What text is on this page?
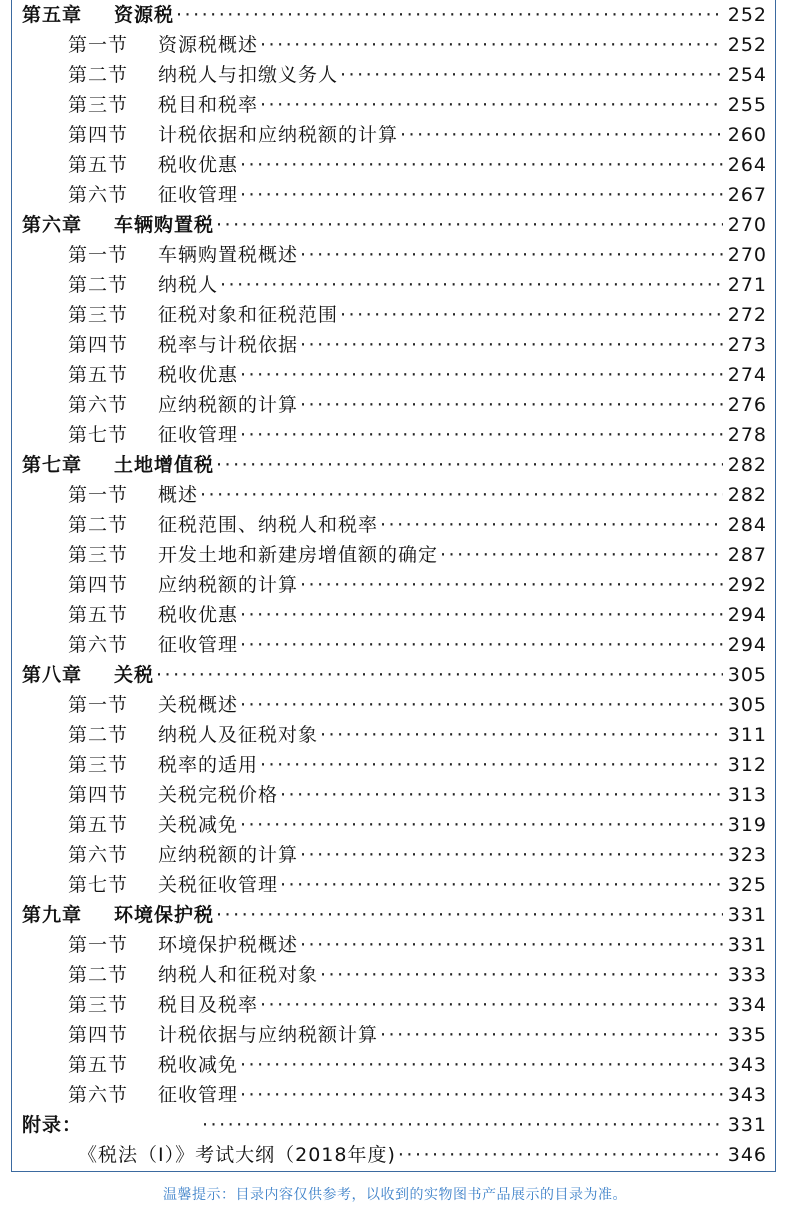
第五章	资源税 ·····	252
第一节	资源税概述 ·····	252
第二节	纳税人与扣缴义务人 ·····	254
第三节	税目和税率 ·····	255
第四节	计税依据和应纳税额的计算 ·····	260
第五节	税收优惠 ·····	264
第六节	征收管理 ·····	267
第六章	车辆购置税 ·····	270
第一节	车辆购置税概述 ·····	270
第二节	纳税人 ·····	271
第三节	征税对象和征税范围 ·····	272
第四节	税率与计税依据 ·····	273
第五节	税收优惠 ·····	274
第六节	应纳税额的计算 ·····	276
第七节	征收管理 ·····	278
第七章	土地增值税 ·····	282
第一节	概述 ·····	282
第二节	征税范围、纳税人和税率 ·····	284
第三节	开发土地和新建房增值额的确定 ·····	287
第四节	应纳税额的计算 ·····	292
第五节	税收优惠 ·····	294
第六节	征收管理 ·····	294
第八章	关税 ·····	305
第一节	关税概述 ·····	305
第二节	纳税人及征税对象 ·····	311
第三节	税率的适用 ·····	312
第四节	关税完税价格 ·····	313
第五节	关税减免 ·····	319
第六节	应纳税额的计算 ·····	323
第七节	关税征收管理 ·····	325
第九章	环境保护税 ·····	331
第一节	环境保护税概述 ·····	331
第二节	纳税人和征税对象 ·····	333
第三节	税目及税率 ·····	334
第四节	计税依据与应纳税额计算 ·····	335
第五节	税收减免 ·····	343
第六节	征收管理 ·····	343
附录： ·····	331
《税法（I）》考试大纲（2018年度) ·····	346
温馨提示：目录内容仅供参考，以收到的实物图书产品展示的目录为准。
